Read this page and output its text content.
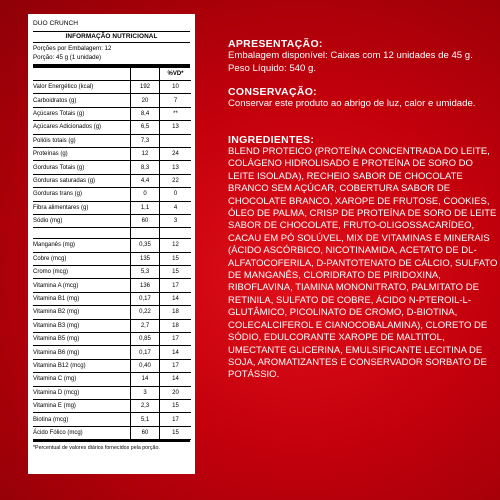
DUO CRUNCH
INFORMAÇÃO NUTRICIONAL
Porções por Embalagem: 12
Porção: 45 g (1 unidade)
		%VD*
Valor Energético (kcal)	192	10
Carboidratos (g)	20	7
Açúcares Totais (g)	8,4	**
Açúcares Adicionados (g)	6,5	13
Polióis totais (g)	7,3	
Proteínas (g)	12	24
Gorduras Totais (g)	8,3	13
Gorduras saturadas (g)	4,4	22
Gorduras trans (g)	0	0
Fibra alimentares (g)	1,1	4
Sódio (mg)	60	3

Manganês (mg)	0,35	12
Cobre (mcg)	135	15
Cromo (mcg)	5,3	15
Vitamina A (mcg)	136	17
Vitamina B1 (mg)	0,17	14
Vitamina B2 (mg)	0,22	18
Vitamina B3 (mg)	2,7	18
Vitamina B5 (mg)	0,85	17
Vitamina B6 (mg)	0,17	14
Vitamina B12 (mcg)	0,40	17
Vitamina C (mg)	14	14
Vitamina D (mcg)	3	20
Vitamina E (mg)	2,3	15
Biotina (mcg)	5,1	17
Ácido Fólico (mcg)	60	15
*Percentual de valores diários fornecidos pela porção.
APRESENTAÇÃO:
Embalagem disponível: Caixas com 12 unidades de 45 g. Peso Líquido: 540 g.
CONSERVAÇÃO:
Conservar este produto ao abrigo de luz, calor e umidade.
INGREDIENTES:
BLEND PROTEICO (PROTEÍNA CONCENTRADA DO LEITE, COLÁGENO HIDROLISADO E PROTEÍNA DE SORO DO LEITE ISOLADA), RECHEIO SABOR DE CHOCOLATE BRANCO SEM AÇÚCAR, COBERTURA SABOR DE CHOCOLATE BRANCO, XAROPE DE FRUTOSE, COOKIES, ÓLEO DE PALMA, CRISP DE PROTEÍNA DE SORO DE LEITE SABOR DE CHOCOLATE, FRUTO-OLIGOSSACARÍDEO, CACAU EM PÓ SOLÚVEL, MIX DE VITAMINAS E MINERAIS (ÁCIDO ASCÓRBICO, NICOTINAMIDA, ACETATO DE DL- ALFATOCOFERILA, D-PANTOTENATO DE CÁLCIO, SULFATO DE MANGANÊS, CLORIDRATO DE PIRIDOXINA, RIBOFLAVINA, TIAMINA MONONITRATO, PALMITATO DE RETINILA, SULFATO DE COBRE, ÁCIDO N-PTEROIL-L-GLUTÂMICO, PICOLINATO DE CROMO, D-BIOTINA, COLECALCIFEROL E CIANOCOBALAMINA), CLORETO DE SÓDIO, EDULCORANTE XAROPE DE MALTITOL, UMECTANTE GLICERINA, EMULSIFICANTE LECITINA DE SOJA, AROMATIZANTES E CONSERVADOR SORBATO DE POTÁSSIO.
